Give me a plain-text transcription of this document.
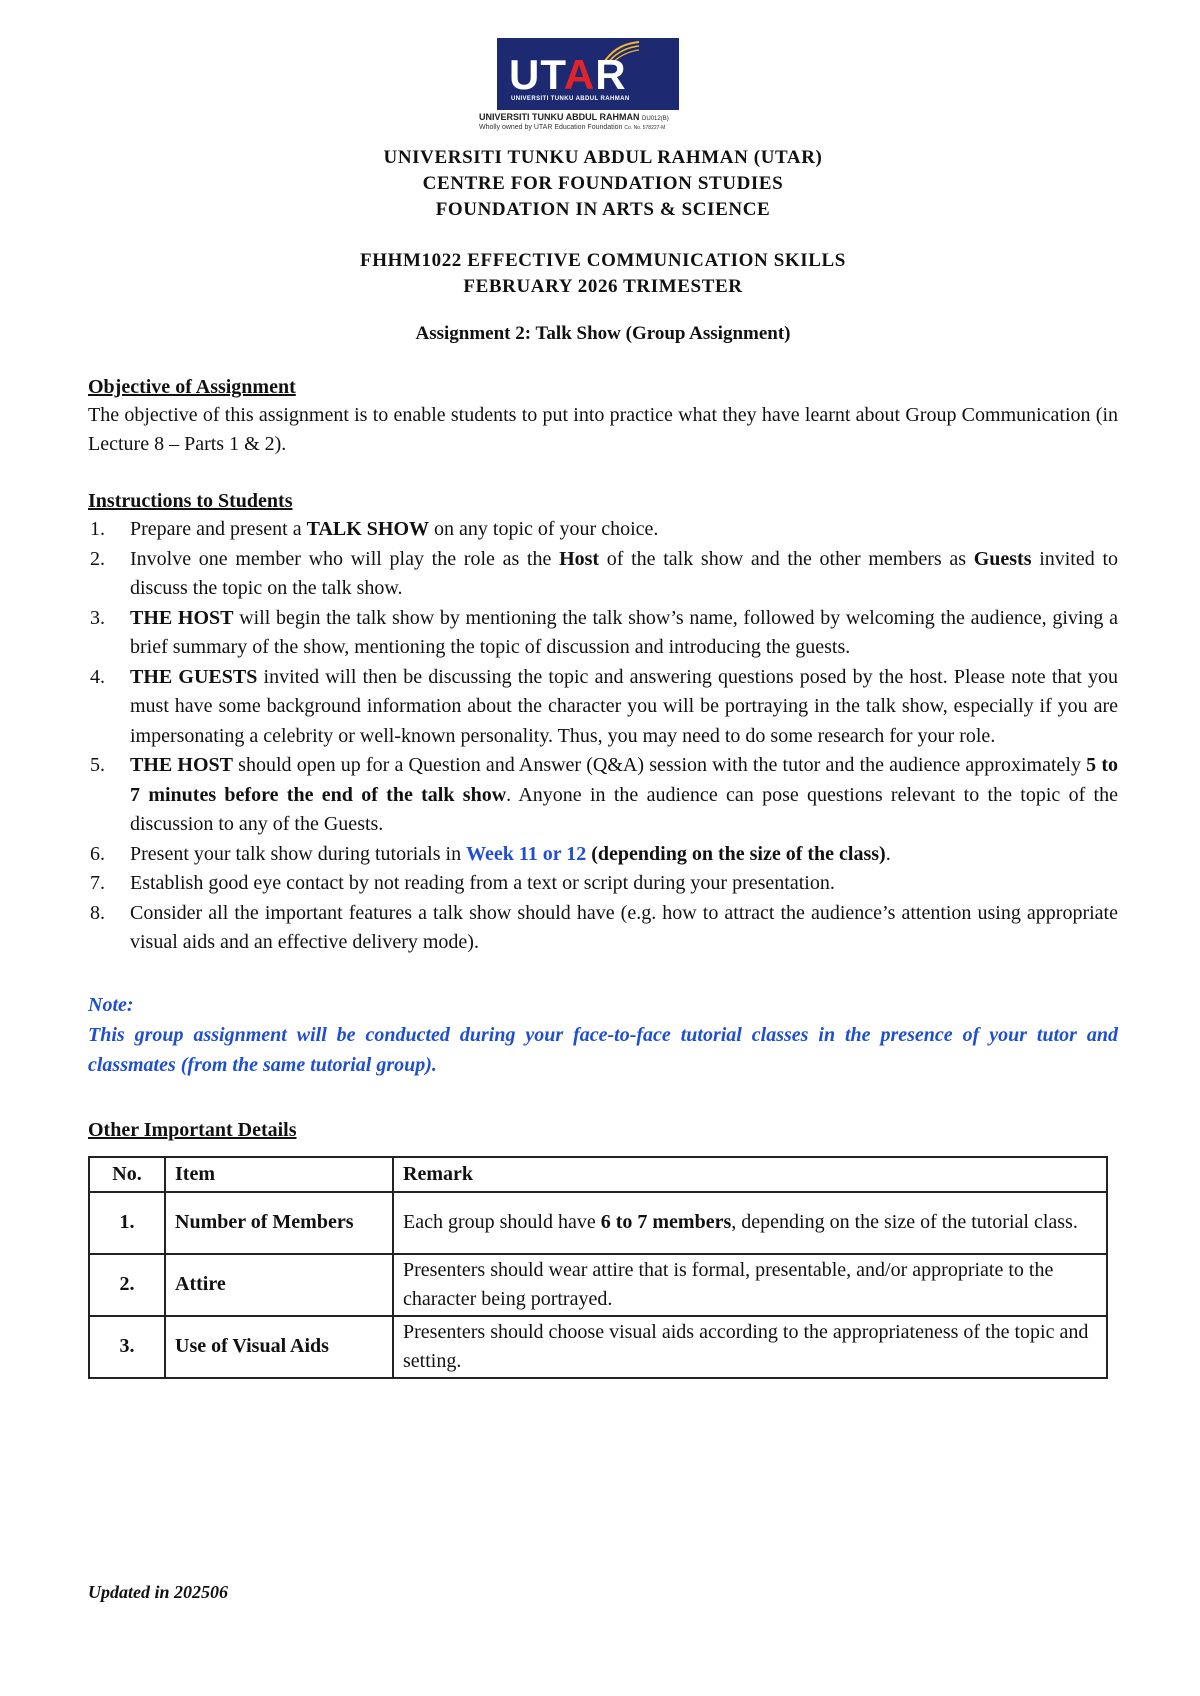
UTAR
UNIVERSITI TUNKU ABDUL RAHMAN
UNIVERSITI TUNKU ABDUL RAHMAN DU012(B)
Wholly owned by UTAR Education Foundation Co. No. 578227-M
UNIVERSITI TUNKU ABDUL RAHMAN (UTAR)
CENTRE FOR FOUNDATION STUDIES
FOUNDATION IN ARTS & SCIENCE
FHHM1022 EFFECTIVE COMMUNICATION SKILLS
FEBRUARY 2026 TRIMESTER
Assignment 2: Talk Show (Group Assignment)
Objective of Assignment
The objective of this assignment is to enable students to put into practice what they have learnt about Group Communication (in Lecture 8 – Parts 1 & 2).
Instructions to Students
1. Prepare and present a TALK SHOW on any topic of your choice.
2. Involve one member who will play the role as the Host of the talk show and the other members as Guests invited to discuss the topic on the talk show.
3. THE HOST will begin the talk show by mentioning the talk show’s name, followed by welcoming the audience, giving a brief summary of the show, mentioning the topic of discussion and introducing the guests.
4. THE GUESTS invited will then be discussing the topic and answering questions posed by the host. Please note that you must have some background information about the character you will be portraying in the talk show, especially if you are impersonating a celebrity or well-known personality. Thus, you may need to do some research for your role.
5. THE HOST should open up for a Question and Answer (Q&A) session with the tutor and the audience approximately 5 to 7 minutes before the end of the talk show. Anyone in the audience can pose questions relevant to the topic of the discussion to any of the Guests.
6. Present your talk show during tutorials in Week 11 or 12 (depending on the size of the class).
7. Establish good eye contact by not reading from a text or script during your presentation.
8. Consider all the important features a talk show should have (e.g. how to attract the audience’s attention using appropriate visual aids and an effective delivery mode).
Note:
This group assignment will be conducted during your face-to-face tutorial classes in the presence of your tutor and classmates (from the same tutorial group).
Other Important Details
No.	Item	Remark
1.	Number of Members	Each group should have 6 to 7 members, depending on the size of the tutorial class.
2.	Attire	Presenters should wear attire that is formal, presentable, and/or appropriate to the character being portrayed.
3.	Use of Visual Aids	Presenters should choose visual aids according to the appropriateness of the topic and setting.
Updated in 202506
